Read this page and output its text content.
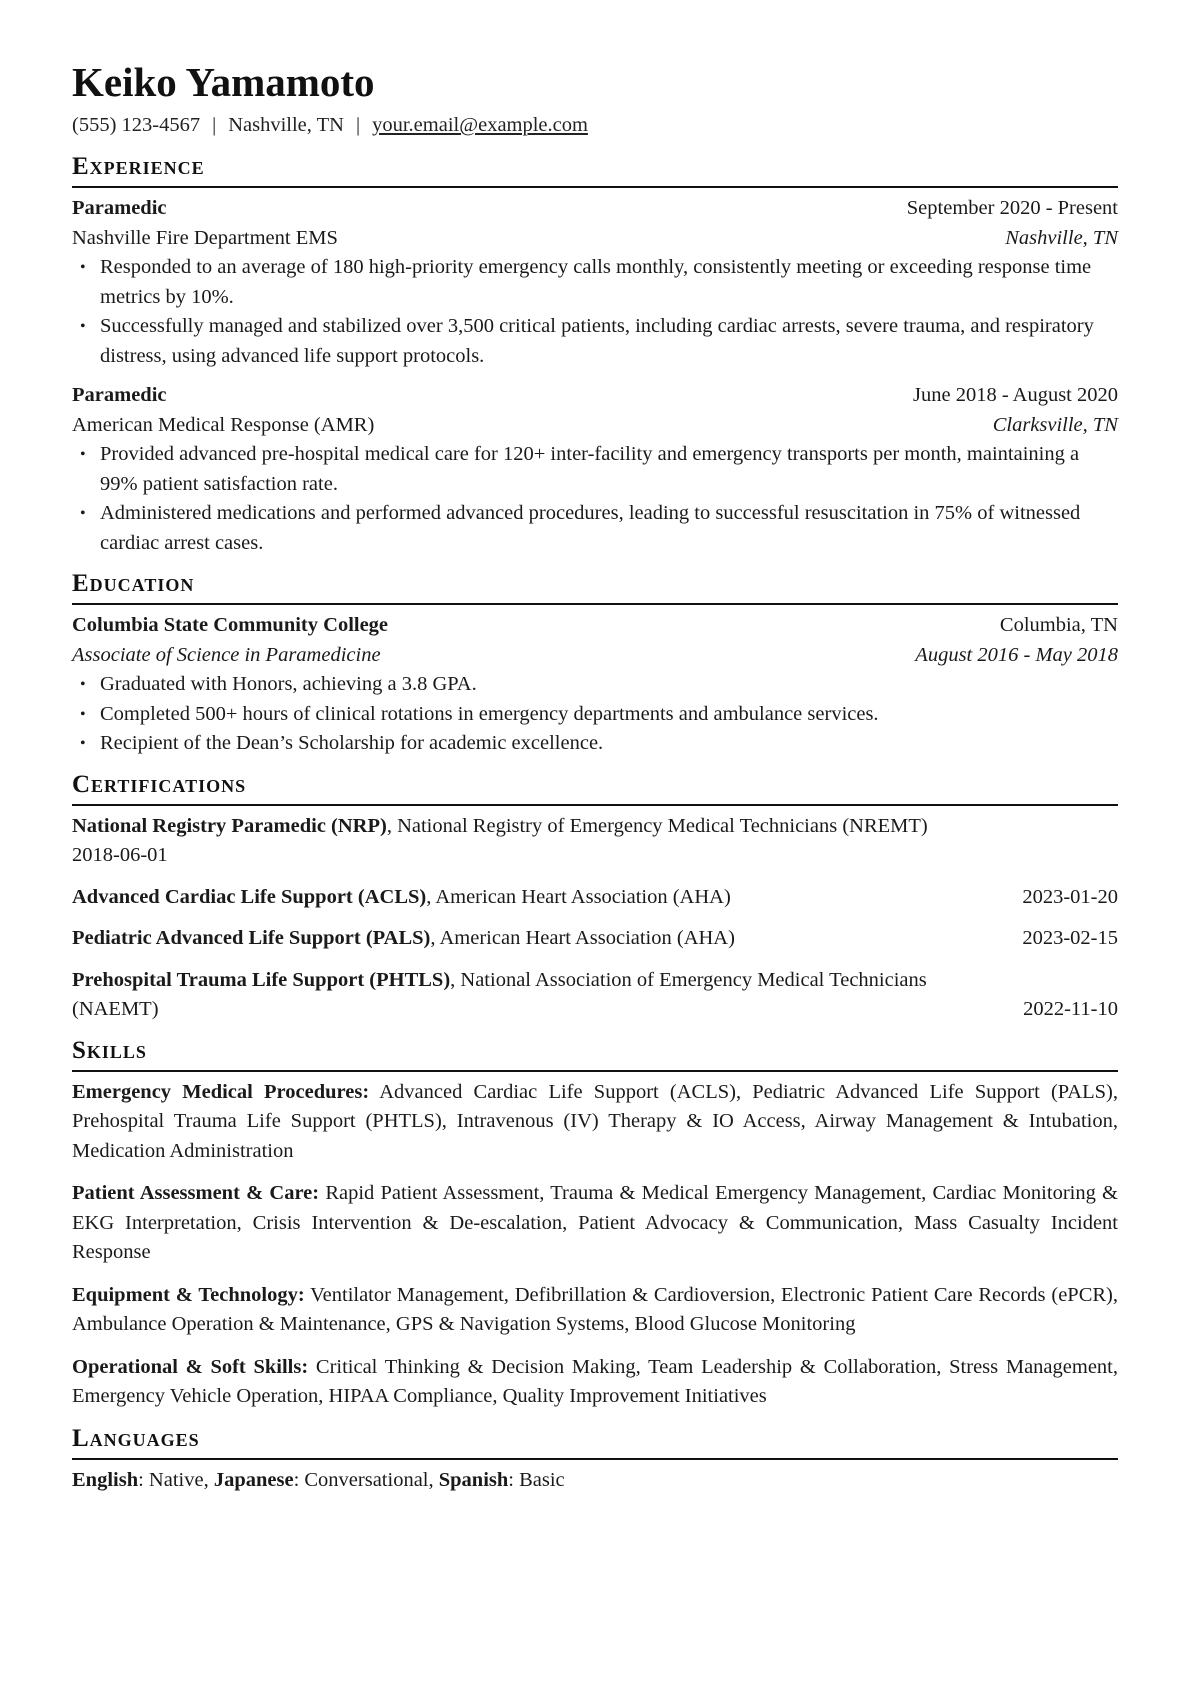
Keiko Yamamoto
(555) 123-4567 | Nashville, TN | your.email@example.com
Experience
Paramedic	September 2020 - Present
Nashville Fire Department EMS	Nashville, TN
• Responded to an average of 180 high-priority emergency calls monthly, consistently meeting or exceeding response time metrics by 10%.
• Successfully managed and stabilized over 3,500 critical patients, including cardiac arrests, severe trauma, and respiratory distress, using advanced life support protocols.
Paramedic	June 2018 - August 2020
American Medical Response (AMR)	Clarksville, TN
• Provided advanced pre-hospital medical care for 120+ inter-facility and emergency transports per month, maintaining a 99% patient satisfaction rate.
• Administered medications and performed advanced procedures, leading to successful resuscitation in 75% of witnessed cardiac arrest cases.
Education
Columbia State Community College	Columbia, TN
Associate of Science in Paramedicine	August 2016 - May 2018
• Graduated with Honors, achieving a 3.8 GPA.
• Completed 500+ hours of clinical rotations in emergency departments and ambulance services.
• Recipient of the Dean’s Scholarship for academic excellence.
Certifications
National Registry Paramedic (NRP), National Registry of Emergency Medical Technicians (NREMT)
2018-06-01
Advanced Cardiac Life Support (ACLS), American Heart Association (AHA)	2023-01-20
Pediatric Advanced Life Support (PALS), American Heart Association (AHA)	2023-02-15
Prehospital Trauma Life Support (PHTLS), National Association of Emergency Medical Technicians
(NAEMT)	2022-11-10
Skills
Emergency Medical Procedures: Advanced Cardiac Life Support (ACLS), Pediatric Advanced Life Support (PALS), Prehospital Trauma Life Support (PHTLS), Intravenous (IV) Therapy & IO Access, Airway Management & Intubation, Medication Administration
Patient Assessment & Care: Rapid Patient Assessment, Trauma & Medical Emergency Management, Cardiac Monitoring & EKG Interpretation, Crisis Intervention & De-escalation, Patient Advocacy & Communication, Mass Casualty Incident Response
Equipment & Technology: Ventilator Management, Defibrillation & Cardioversion, Electronic Patient Care Records (ePCR), Ambulance Operation & Maintenance, GPS & Navigation Systems, Blood Glucose Monitoring
Operational & Soft Skills: Critical Thinking & Decision Making, Team Leadership & Collaboration, Stress Management, Emergency Vehicle Operation, HIPAA Compliance, Quality Improvement Initiatives
Languages
English: Native, Japanese: Conversational, Spanish: Basic
